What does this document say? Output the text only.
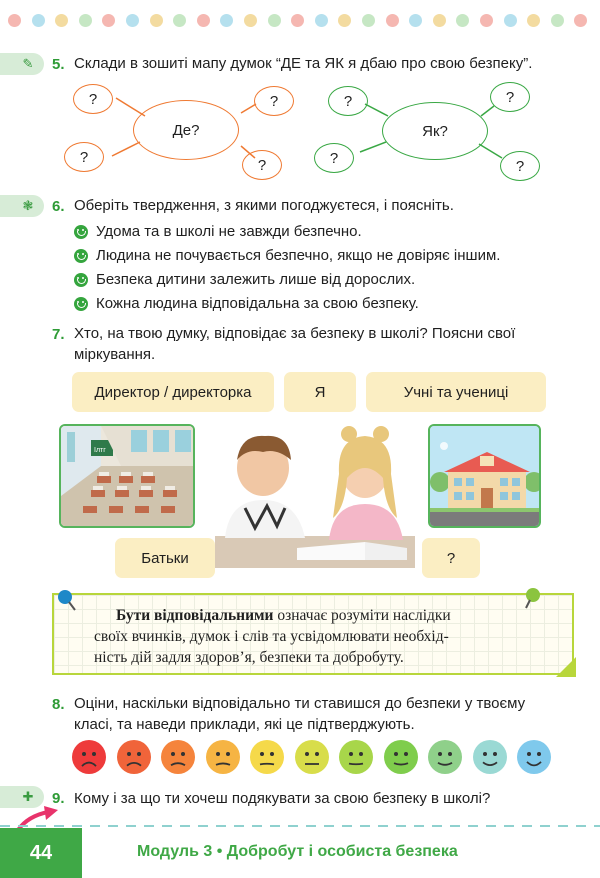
✎ 5. Склади в зошиті мапу думок “ДЕ та ЯК я дбаю про свою безпеку”.
?
?
?
?
Де?
?
?
?
?
Як?
❃ 6. Оберіть твердження, з якими погоджуєтеся, і поясніть.
Удома та в школі не завжди безпечно.
Людина не почувається безпечно, якщо не довіряє іншим.
Безпека дитини залежить лише від дорослих.
Кожна людина відповідальна за свою безпеку.
7. Хто, на твою думку, відповідає за безпеку в школі? Поясни свої
міркування.
Директор / директорка	Я	Учні та учениці
Ілтг
Батьки	?
Бути відповідальними означає розуміти наслідки
своїх вчинків, думок і слів та усвідомлювати необхід-
ність дій задля здоров’я, безпеки та добробуту.
8. Оціни, наскільки відповідально ти ставишся до безпеки у твоєму
класі, та наведи приклади, які це підтверджують.
✚ 9. Кому і за що ти хочеш подякувати за свою безпеку в школі?
44	Модуль 3 • Добробут і особиста безпека
